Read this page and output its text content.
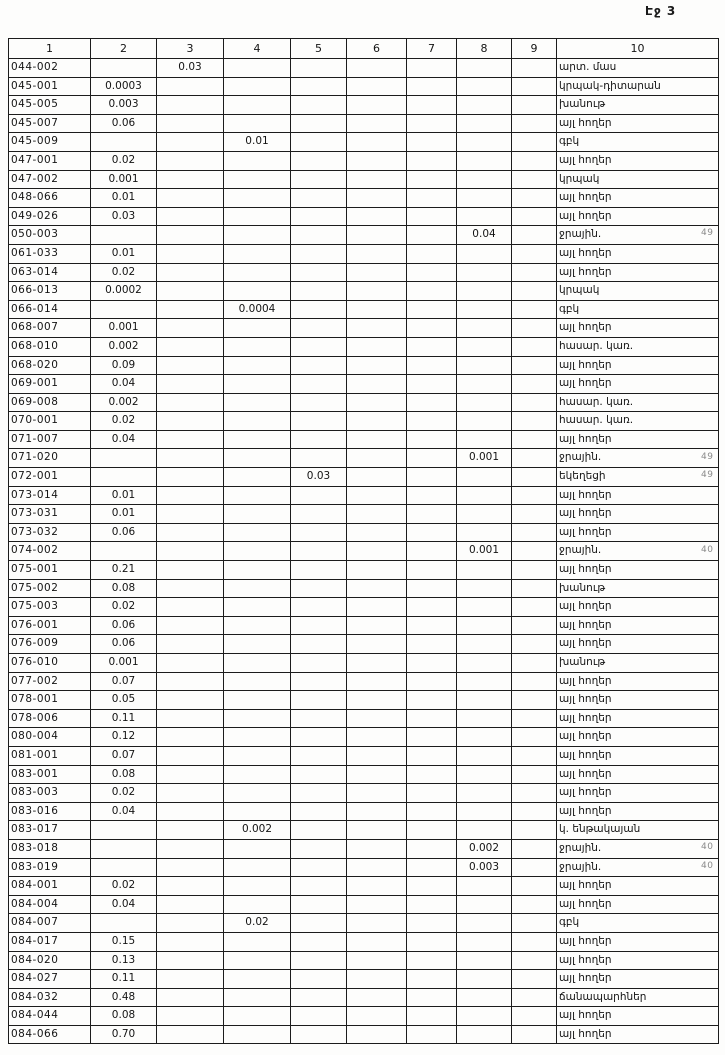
Էջ 3
1	2	3	4	5	6	7	8	9	10
044-002		0.03							արտ. մաս
045-001	0.0003								կրպակ-դիտարան
045-005	0.003								խանութ
045-007	0.06								այլ հողեր
045-009			0.01						գբկ
047-001	0.02								այլ հողեր
047-002	0.001								կրպակ
048-066	0.01								այլ հողեր
049-026	0.03								այլ հողեր
050-003							0.04		ջրային.
061-033	0.01								այլ հողեր
063-014	0.02								այլ հողեր
066-013	0.0002								կրպակ
066-014			0.0004						գբկ
068-007	0.001								այլ հողեր
068-010	0.002								հասար. կառ.
068-020	0.09								այլ հողեր
069-001	0.04								այլ հողեր
069-008	0.002								հասար. կառ.
070-001	0.02								հասար. կառ.
071-007	0.04								այլ հողեր
071-020							0.001		ջրային.
072-001				0.03					եկեղեցի
073-014	0.01								այլ հողեր
073-031	0.01								այլ հողեր
073-032	0.06								այլ հողեր
074-002							0.001		ջրային.
075-001	0.21								այլ հողեր
075-002	0.08								խանութ
075-003	0.02								այլ հողեր
076-001	0.06								այլ հողեր
076-009	0.06								այլ հողեր
076-010	0.001								խանութ
077-002	0.07								այլ հողեր
078-001	0.05								այլ հողեր
078-006	0.11								այլ հողեր
080-004	0.12								այլ հողեր
081-001	0.07								այլ հողեր
083-001	0.08								այլ հողեր
083-003	0.02								այլ հողեր
083-016	0.04								այլ հողեր
083-017			0.002						կ. ենթակայան
083-018							0.002		ջրային.
083-019							0.003		ջրային.
084-001	0.02								այլ հողեր
084-004	0.04								այլ հողեր
084-007			0.02						գբկ
084-017	0.15								այլ հողեր
084-020	0.13								այլ հողեր
084-027	0.11								այլ հողեր
084-032	0.48								ճանապարհներ
084-044	0.08								այլ հողեր
084-066	0.70								այլ հողեր
49
49
49
40
40
40
